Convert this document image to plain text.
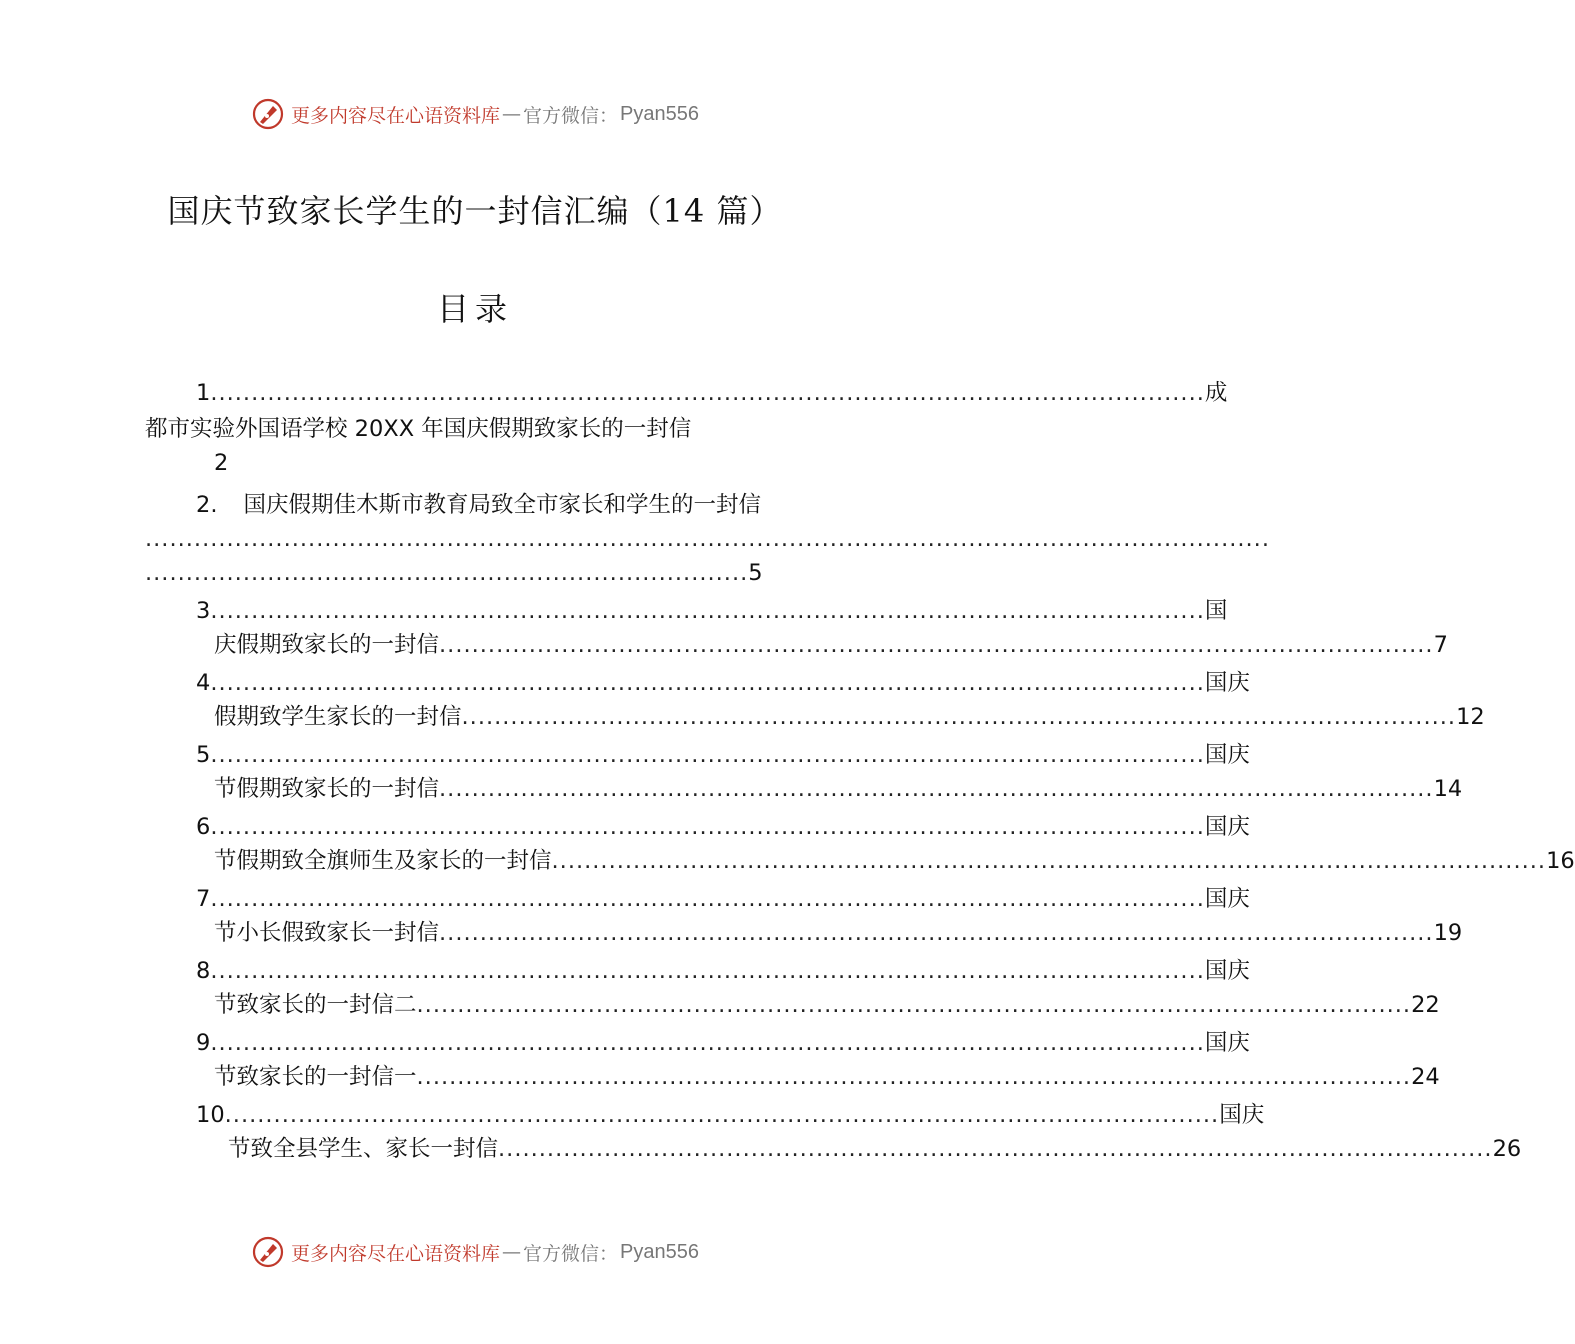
更多内容尽在心语资料库 — 官方微信： Pyan556
国庆节致家长学生的一封信汇编（14 篇）
目录
1 .......................................................................................................................... 成
都市实验外国语学校 20XX 年国庆假期致家长的一封信
2
2. 国庆假期佳木斯市教育局致全市家长和学生的一封信
..........................................................................................................................................
.......................................................................... 5
3 .......................................................................................................................... 国
庆假期致家长的一封信 .......................................................................................................................... 7
4 .......................................................................................................................... 国庆
假期致学生家长的一封信 .......................................................................................................................... 12
5 .......................................................................................................................... 国庆
节假期致家长的一封信 .......................................................................................................................... 14
6 .......................................................................................................................... 国庆
节假期致全旗师生及家长的一封信 .......................................................................................................................... 16
7 .......................................................................................................................... 国庆
节小长假致家长一封信 .......................................................................................................................... 19
8 .......................................................................................................................... 国庆
节致家长的一封信二 .......................................................................................................................... 22
9 .......................................................................................................................... 国庆
节致家长的一封信一 .......................................................................................................................... 24
10 .......................................................................................................................... 国庆
节致全县学生、家长一封信 .......................................................................................................................... 26
更多内容尽在心语资料库 — 官方微信： Pyan556
